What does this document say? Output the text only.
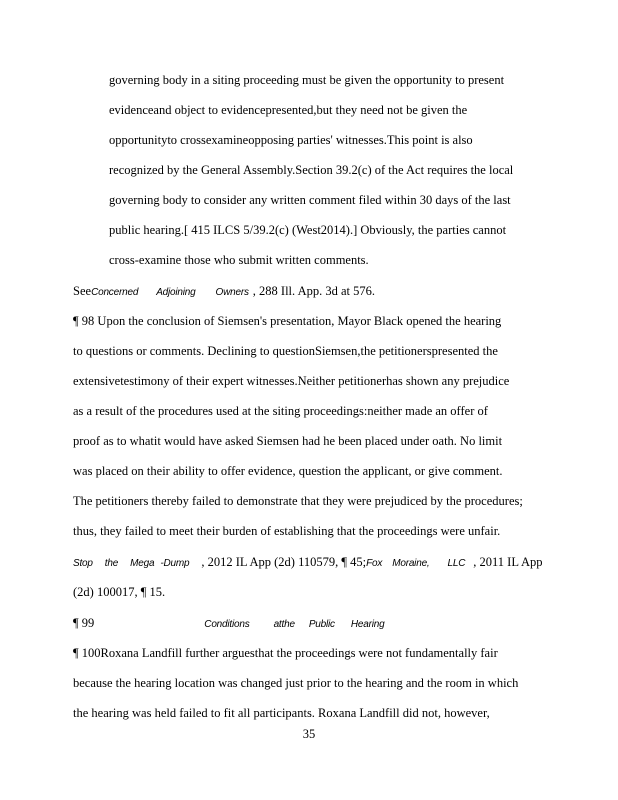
governing body in a siting proceeding must be given the opportunity to present
evidenceand object to evidencepresented,but they need not be given the
opportunityto crossexamineopposing parties' witnesses.This point is also
recognized by the General Assembly.Section 39.2(c) of the Act requires the local
governing body to consider any written comment filed within 30 days of the last
public hearing.[ 415 ILCS 5/39.2(c) (West2014).] Obviously, the parties cannot
cross-examine those who submit written comments.
SeeConcerned Adjoining Owners , 288 Ill. App. 3d at 576.
¶ 98 Upon the conclusion of Siemsen's presentation, Mayor Black opened the hearing
to questions or comments. Declining to questionSiemsen,the petitionerspresented the
extensivetestimony of their expert witnesses.Neither petitionerhas shown any prejudice
as a result of the procedures used at the siting proceedings:neither made an offer of
proof as to whatit would have asked Siemsen had he been placed under oath. No limit
was placed on their ability to offer evidence, question the applicant, or give comment.
The petitioners thereby failed to demonstrate that they were prejudiced by the procedures;
thus, they failed to meet their burden of establishing that the proceedings were unfair.
Stop the Mega -Dump , 2012 IL App (2d) 110579, ¶ 45;Fox Moraine, LLC , 2011 IL App
(2d) 100017, ¶ 15.
¶ 99	Conditions atthe Public Hearing
¶ 100Roxana Landfill further arguesthat the proceedings were not fundamentally fair
because the hearing location was changed just prior to the hearing and the room in which
the hearing was held failed to fit all participants. Roxana Landfill did not, however,
35
